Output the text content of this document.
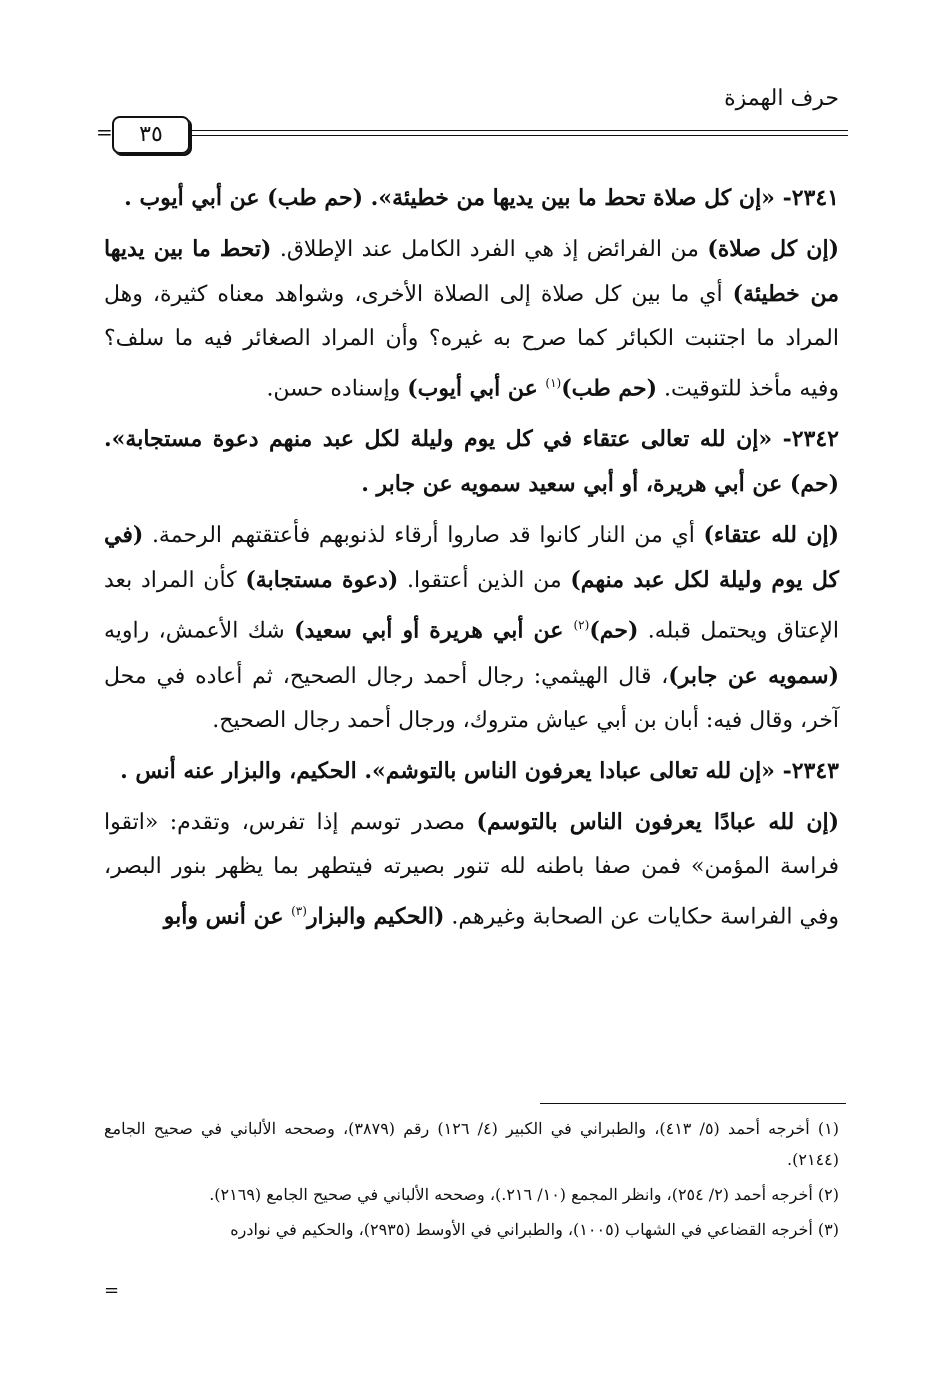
حرف الهمزة
=	٣٥

٢٣٤١- «إن كل صلاة تحط ما بين يديها من خطيئة». (حم طب) عن أبي أيوب .

(إن كل صلاة) من الفرائض إذ هي الفرد الكامل عند الإطلاق. (تحط ما بين يديها من خطيئة) أي ما بين كل صلاة إلى الصلاة الأخرى، وشواهد معناه كثيرة، وهل المراد ما اجتنبت الكبائر كما صرح به غيره؟ وأن المراد الصغائر فيه ما سلف؟ وفيه مأخذ للتوقيت. (حم طب)$^{(١)}$ عن أبي أيوب) وإسناده حسن.

٢٣٤٢- «إن لله تعالى عتقاء في كل يوم وليلة لكل عبد منهم دعوة مستجابة». (حم) عن أبي هريرة، أو أبي سعيد سمويه عن جابر .

(إن لله عتقاء) أي من النار كانوا قد صاروا أرقاء لذنوبهم فأعتقتهم الرحمة. (في كل يوم وليلة لكل عبد منهم) من الذين أعتقوا. (دعوة مستجابة) كأن المراد بعد الإعتاق ويحتمل قبله. (حم)$^{(٢)}$ عن أبي هريرة أو أبي سعيد) شك الأعمش، راويه (سمويه عن جابر)، قال الهيثمي: رجال أحمد رجال الصحيح، ثم أعاده في محل آخر، وقال فيه: أبان بن أبي عياش متروك، ورجال أحمد رجال الصحيح.

٢٣٤٣- «إن لله تعالى عبادا يعرفون الناس بالتوشم». الحكيم، والبزار عنه أنس .

(إن لله عبادًا يعرفون الناس بالتوسم) مصدر توسم إذا تفرس، وتقدم: «اتقوا فراسة المؤمن» فمن صفا باطنه لله تنور بصيرته فيتطهر بما يظهر بنور البصر، وفي الفراسة حكايات عن الصحابة وغيرهم. (الحكيم والبزار$^{(٣)}$ عن أنس وأبو

(١) أخرجه أحمد (٥/ ٤١٣)، والطبراني في الكبير (٤/ ١٢٦) رقم (٣٨٧٩)، وصححه الألباني في صحيح الجامع (٢١٤٤).

(٢) أخرجه أحمد (٢/ ٢٥٤)، وانظر المجمع (١٠/ ٢١٦.)، وصححه الألباني في صحيح الجامع (٢١٦٩).

(٣) أخرجه القضاعي في الشهاب (١٠٠٥)، والطبراني في الأوسط (٢٩٣٥)، والحكيم في نوادره

=
